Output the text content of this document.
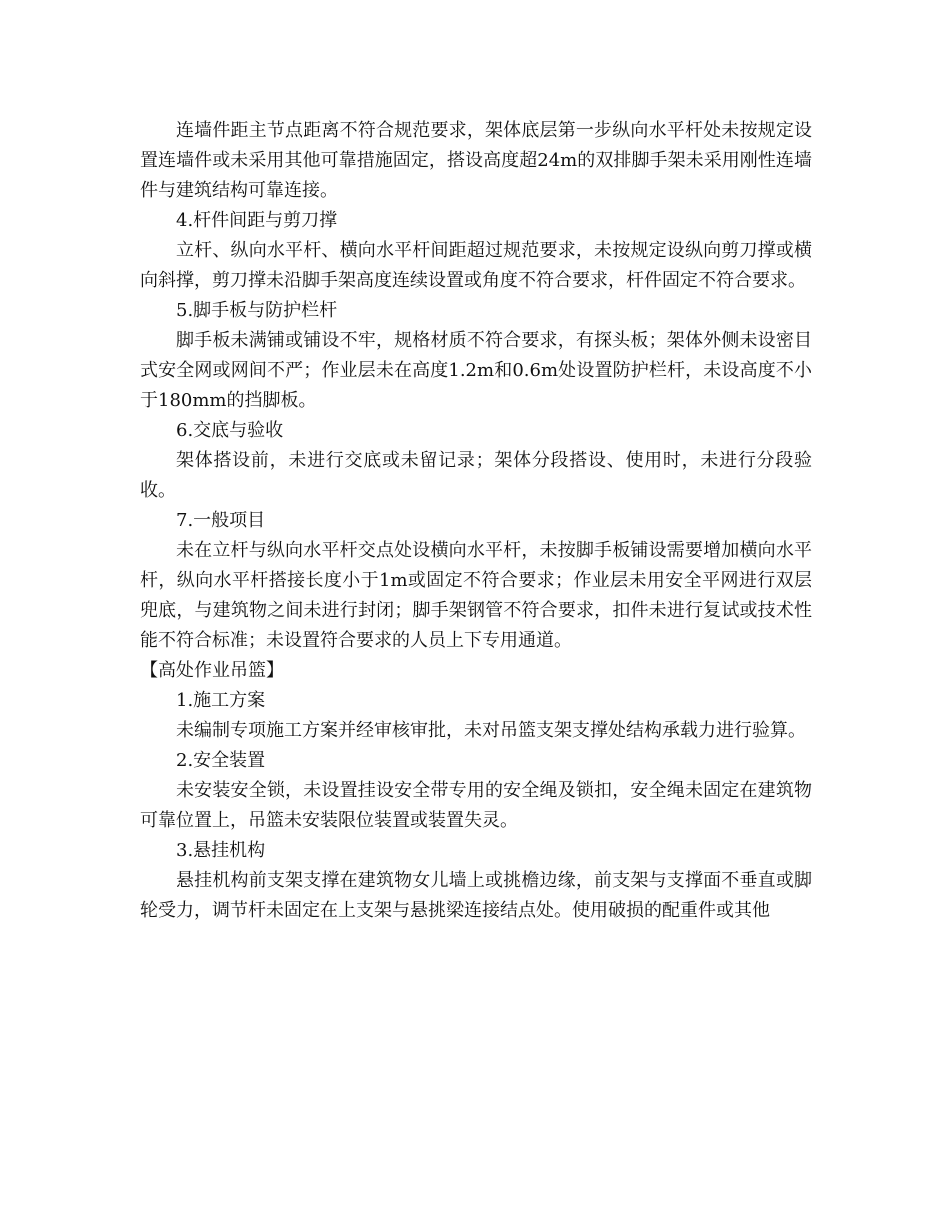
连墙件距主节点距离不符合规范要求，架体底层第一步纵向水平杆处未按规定设置连墙件或未采用其他可靠措施固定，搭设高度超24m的双排脚手架未采用刚性连墙件与建筑结构可靠连接。

4.杆件间距与剪刀撑

立杆、纵向水平杆、横向水平杆间距超过规范要求，未按规定设纵向剪刀撑或横向斜撑，剪刀撑未沿脚手架高度连续设置或角度不符合要求，杆件固定不符合要求。

5.脚手板与防护栏杆

脚手板未满铺或铺设不牢，规格材质不符合要求，有探头板；架体外侧未设密目式安全网或网间不严；作业层未在高度1.2m和0.6m处设置防护栏杆，未设高度不小于180mm的挡脚板。

6.交底与验收

架体搭设前，未进行交底或未留记录；架体分段搭设、使用时，未进行分段验收。

7.一般项目

未在立杆与纵向水平杆交点处设横向水平杆，未按脚手板铺设需要增加横向水平杆，纵向水平杆搭接长度小于1m或固定不符合要求；作业层未用安全平网进行双层兜底，与建筑物之间未进行封闭；脚手架钢管不符合要求，扣件未进行复试或技术性能不符合标准；未设置符合要求的人员上下专用通道。

【高处作业吊篮】

1.施工方案

未编制专项施工方案并经审核审批，未对吊篮支架支撑处结构承载力进行验算。

2.安全装置

未安装安全锁，未设置挂设安全带专用的安全绳及锁扣，安全绳未固定在建筑物可靠位置上，吊篮未安装限位装置或装置失灵。

3.悬挂机构

悬挂机构前支架支撑在建筑物女儿墙上或挑檐边缘，前支架与支撑面不垂直或脚轮受力，调节杆未固定在上支架与悬挑梁连接结点处。使用破损的配重件或其他
